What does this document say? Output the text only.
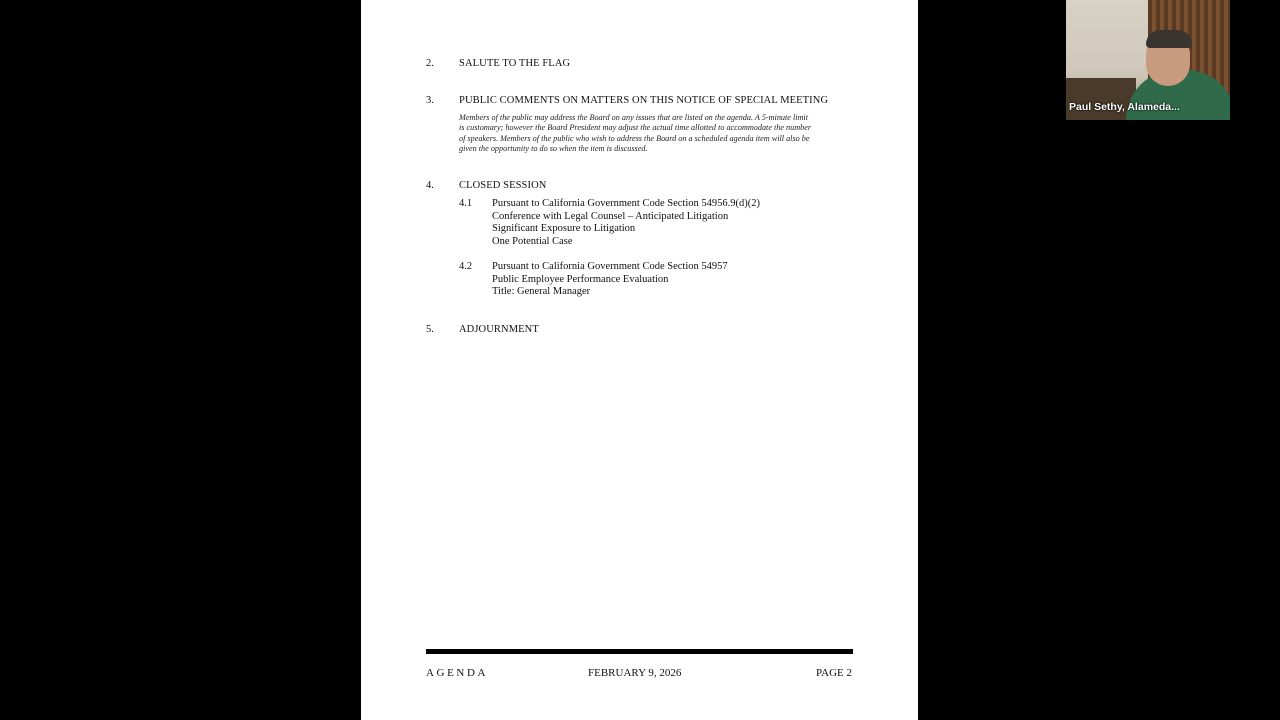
2. SALUTE TO THE FLAG
3. PUBLIC COMMENTS ON MATTERS ON THIS NOTICE OF SPECIAL MEETING
Members of the public may address the Board on any issues that are listed on the agenda. A 5-minute limit
is customary; however the Board President may adjust the actual time allotted to accommodate the number
of speakers. Members of the public who wish to address the Board on a scheduled agenda item will also be
given the opportunity to do so when the item is discussed.
4. CLOSED SESSION
4.1 Pursuant to California Government Code Section 54956.9(d)(2)
Conference with Legal Counsel – Anticipated Litigation
Significant Exposure to Litigation
One Potential Case
4.2 Pursuant to California Government Code Section 54957
Public Employee Performance Evaluation
Title: General Manager
5. ADJOURNMENT
AGENDA	FEBRUARY 9, 2026	PAGE 2
Paul Sethy, Alameda...
